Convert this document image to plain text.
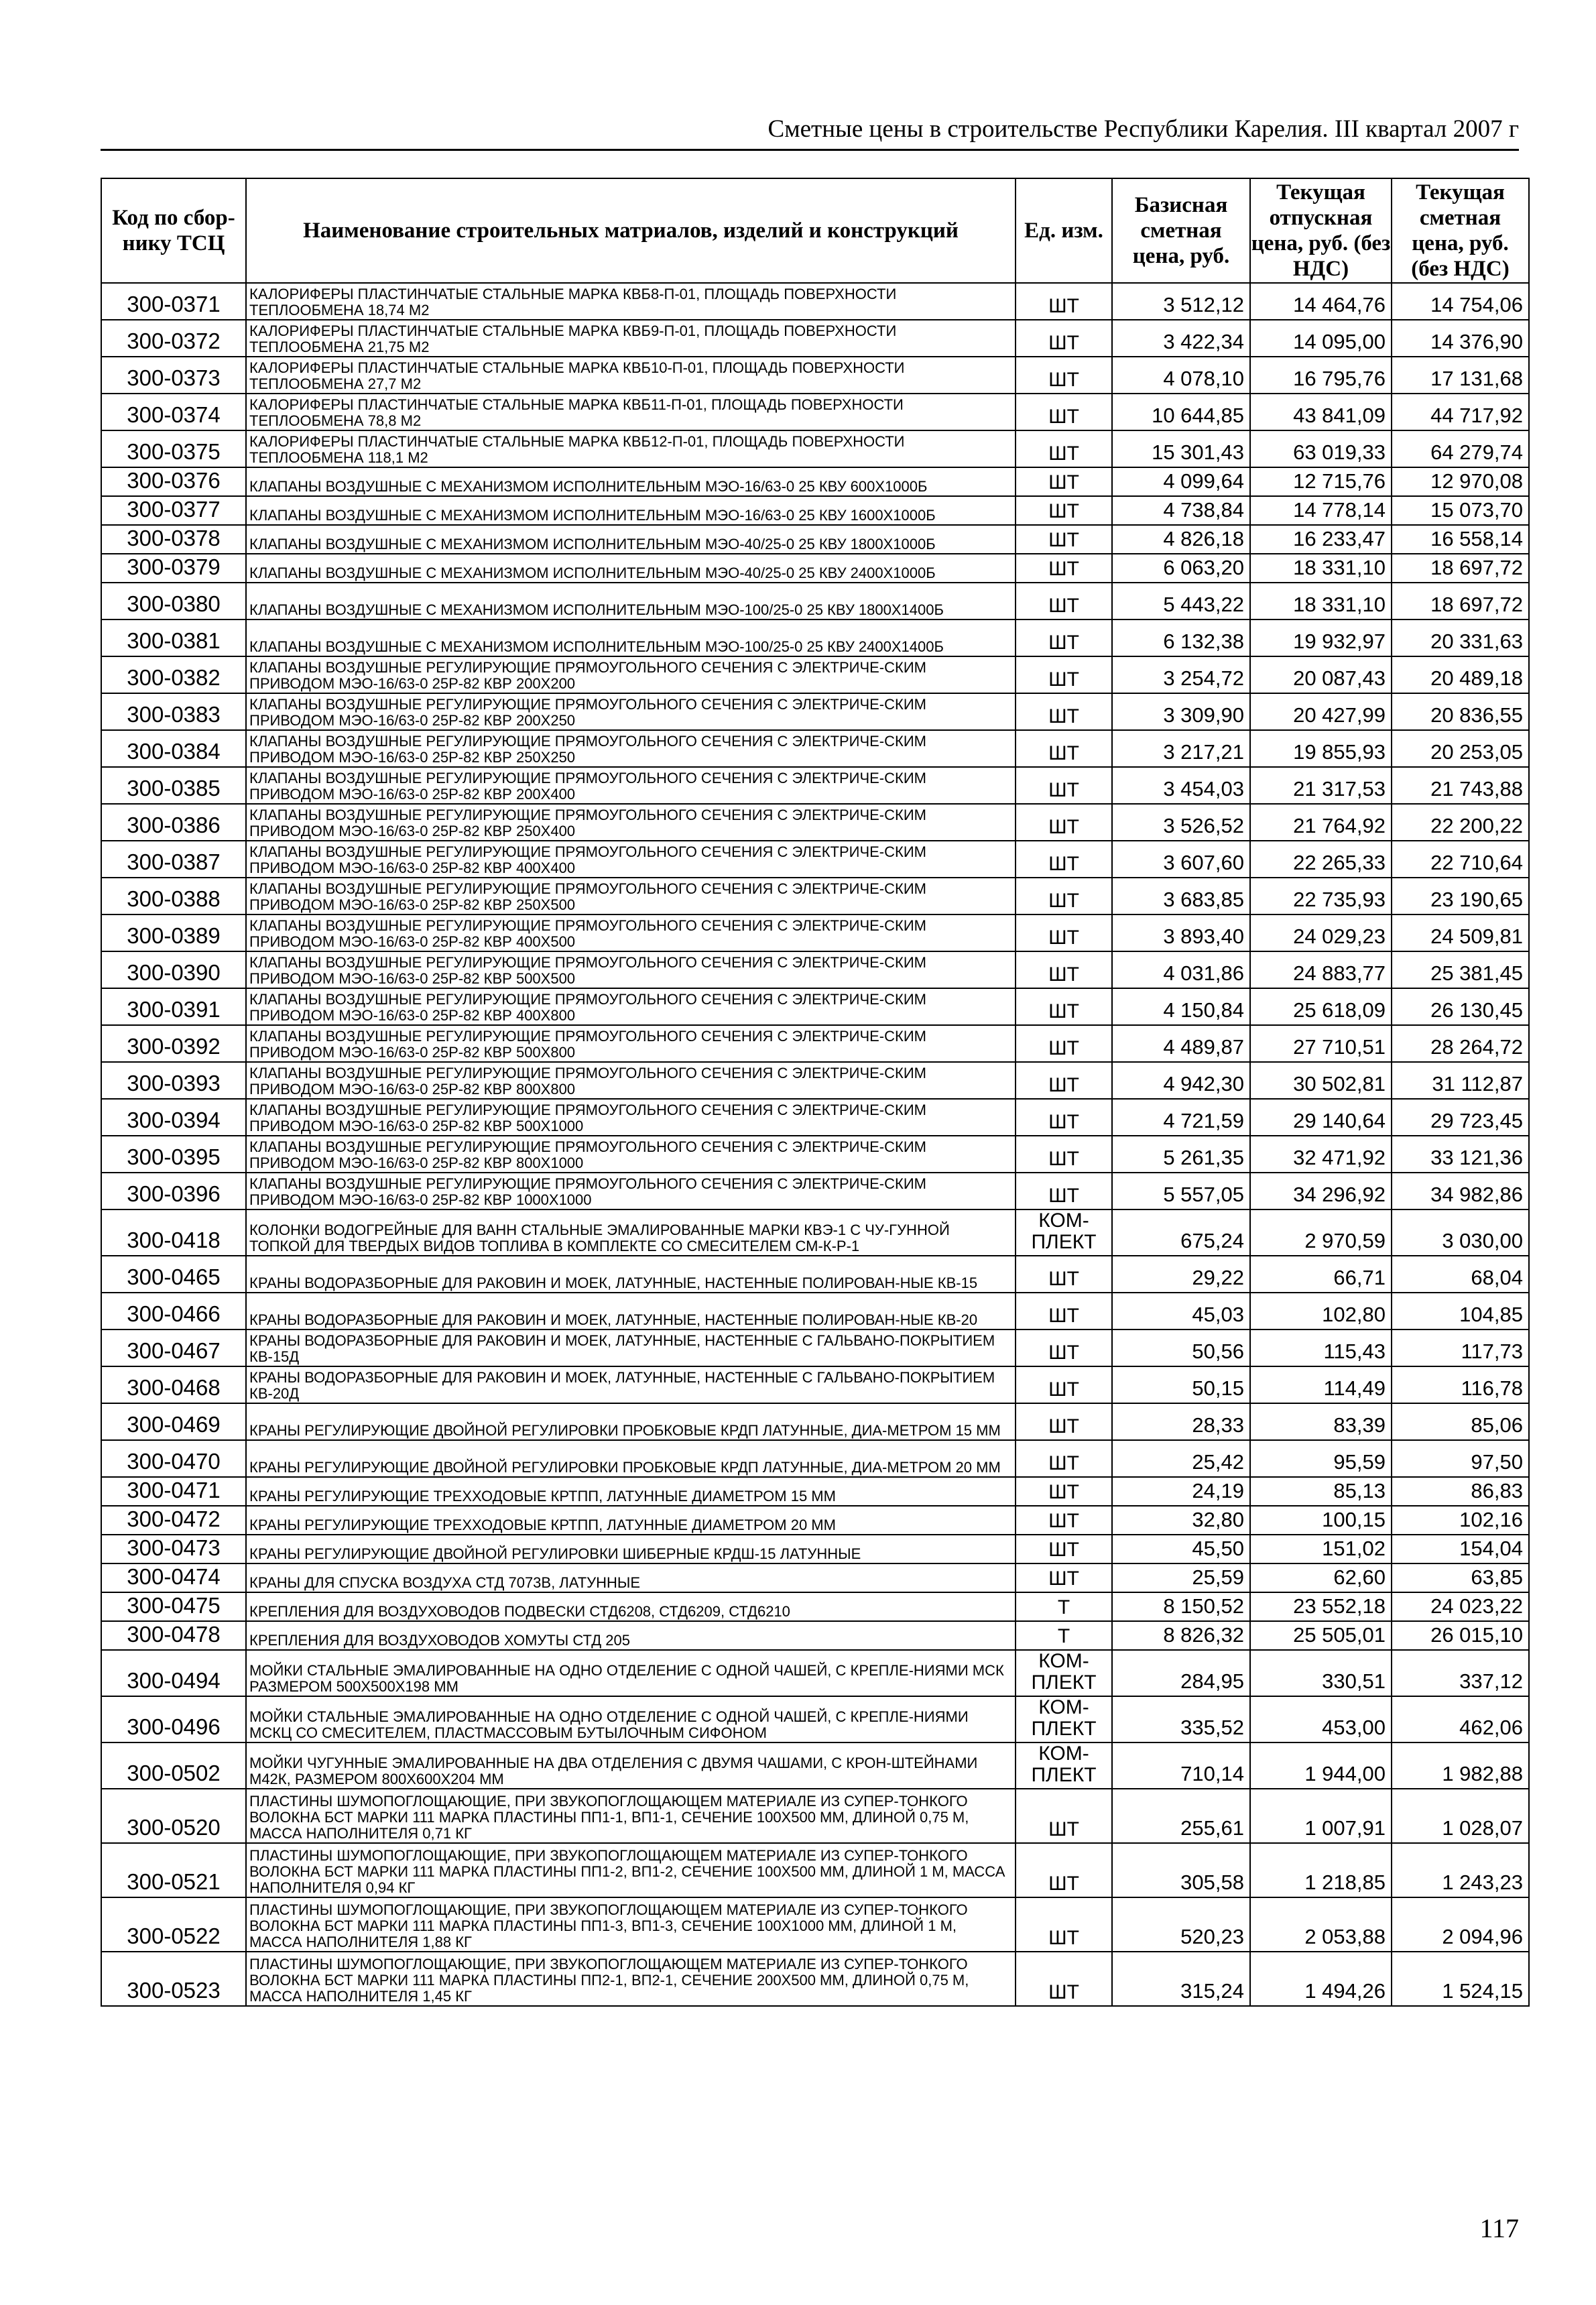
Сметные цены в строительстве Республики Карелия. III квартал 2007 г
Код по сбор-нику ТСЦ	Наименование строительных матриалов, изделий и конструкций	Ед. изм.	Базисная сметная цена, руб.	Текущая отпускная цена, руб. (без НДС)	Текущая сметная цена, руб. (без НДС)
300-0371	КАЛОРИФЕРЫ ПЛАСТИНЧАТЫЕ СТАЛЬНЫЕ МАРКА КВБ8-П-01, ПЛОЩАДЬ ПОВЕРХНОСТИ ТЕПЛООБМЕНА 18,74 М2	ШТ	3 512,12	14 464,76	14 754,06
300-0372	КАЛОРИФЕРЫ ПЛАСТИНЧАТЫЕ СТАЛЬНЫЕ МАРКА КВБ9-П-01, ПЛОЩАДЬ ПОВЕРХНОСТИ ТЕПЛООБМЕНА 21,75 М2	ШТ	3 422,34	14 095,00	14 376,90
300-0373	КАЛОРИФЕРЫ ПЛАСТИНЧАТЫЕ СТАЛЬНЫЕ МАРКА КВБ10-П-01, ПЛОЩАДЬ ПОВЕРХНОСТИ ТЕПЛООБМЕНА 27,7 М2	ШТ	4 078,10	16 795,76	17 131,68
300-0374	КАЛОРИФЕРЫ ПЛАСТИНЧАТЫЕ СТАЛЬНЫЕ МАРКА КВБ11-П-01, ПЛОЩАДЬ ПОВЕРХНОСТИ ТЕПЛООБМЕНА 78,8 М2	ШТ	10 644,85	43 841,09	44 717,92
300-0375	КАЛОРИФЕРЫ ПЛАСТИНЧАТЫЕ СТАЛЬНЫЕ МАРКА КВБ12-П-01, ПЛОЩАДЬ ПОВЕРХНОСТИ ТЕПЛООБМЕНА 118,1 М2	ШТ	15 301,43	63 019,33	64 279,74
300-0376	КЛАПАНЫ ВОЗДУШНЫЕ С МЕХАНИЗМОМ ИСПОЛНИТЕЛЬНЫМ МЭО-16/63-0 25 КВУ 600Х1000Б	ШТ	4 099,64	12 715,76	12 970,08
300-0377	КЛАПАНЫ ВОЗДУШНЫЕ С МЕХАНИЗМОМ ИСПОЛНИТЕЛЬНЫМ МЭО-16/63-0 25 КВУ 1600Х1000Б	ШТ	4 738,84	14 778,14	15 073,70
300-0378	КЛАПАНЫ ВОЗДУШНЫЕ С МЕХАНИЗМОМ ИСПОЛНИТЕЛЬНЫМ МЭО-40/25-0 25 КВУ 1800Х1000Б	ШТ	4 826,18	16 233,47	16 558,14
300-0379	КЛАПАНЫ ВОЗДУШНЫЕ С МЕХАНИЗМОМ ИСПОЛНИТЕЛЬНЫМ МЭО-40/25-0 25 КВУ 2400Х1000Б	ШТ	6 063,20	18 331,10	18 697,72
300-0380	КЛАПАНЫ ВОЗДУШНЫЕ С МЕХАНИЗМОМ ИСПОЛНИТЕЛЬНЫМ МЭО-100/25-0 25 КВУ 1800Х1400Б	ШТ	5 443,22	18 331,10	18 697,72
300-0381	КЛАПАНЫ ВОЗДУШНЫЕ С МЕХАНИЗМОМ ИСПОЛНИТЕЛЬНЫМ МЭО-100/25-0 25 КВУ 2400Х1400Б	ШТ	6 132,38	19 932,97	20 331,63
300-0382	КЛАПАНЫ ВОЗДУШНЫЕ РЕГУЛИРУЮЩИЕ ПРЯМОУГОЛЬНОГО СЕЧЕНИЯ С ЭЛЕКТРИЧЕ-СКИМ ПРИВОДОМ МЭО-16/63-0 25Р-82 КВР 200Х200	ШТ	3 254,72	20 087,43	20 489,18
300-0383	КЛАПАНЫ ВОЗДУШНЫЕ РЕГУЛИРУЮЩИЕ ПРЯМОУГОЛЬНОГО СЕЧЕНИЯ С ЭЛЕКТРИЧЕ-СКИМ ПРИВОДОМ МЭО-16/63-0 25Р-82 КВР 200Х250	ШТ	3 309,90	20 427,99	20 836,55
300-0384	КЛАПАНЫ ВОЗДУШНЫЕ РЕГУЛИРУЮЩИЕ ПРЯМОУГОЛЬНОГО СЕЧЕНИЯ С ЭЛЕКТРИЧЕ-СКИМ ПРИВОДОМ МЭО-16/63-0 25Р-82 КВР 250Х250	ШТ	3 217,21	19 855,93	20 253,05
300-0385	КЛАПАНЫ ВОЗДУШНЫЕ РЕГУЛИРУЮЩИЕ ПРЯМОУГОЛЬНОГО СЕЧЕНИЯ С ЭЛЕКТРИЧЕ-СКИМ ПРИВОДОМ МЭО-16/63-0 25Р-82 КВР 200Х400	ШТ	3 454,03	21 317,53	21 743,88
300-0386	КЛАПАНЫ ВОЗДУШНЫЕ РЕГУЛИРУЮЩИЕ ПРЯМОУГОЛЬНОГО СЕЧЕНИЯ С ЭЛЕКТРИЧЕ-СКИМ ПРИВОДОМ МЭО-16/63-0 25Р-82 КВР 250Х400	ШТ	3 526,52	21 764,92	22 200,22
300-0387	КЛАПАНЫ ВОЗДУШНЫЕ РЕГУЛИРУЮЩИЕ ПРЯМОУГОЛЬНОГО СЕЧЕНИЯ С ЭЛЕКТРИЧЕ-СКИМ ПРИВОДОМ МЭО-16/63-0 25Р-82 КВР 400Х400	ШТ	3 607,60	22 265,33	22 710,64
300-0388	КЛАПАНЫ ВОЗДУШНЫЕ РЕГУЛИРУЮЩИЕ ПРЯМОУГОЛЬНОГО СЕЧЕНИЯ С ЭЛЕКТРИЧЕ-СКИМ ПРИВОДОМ МЭО-16/63-0 25Р-82 КВР 250Х500	ШТ	3 683,85	22 735,93	23 190,65
300-0389	КЛАПАНЫ ВОЗДУШНЫЕ РЕГУЛИРУЮЩИЕ ПРЯМОУГОЛЬНОГО СЕЧЕНИЯ С ЭЛЕКТРИЧЕ-СКИМ ПРИВОДОМ МЭО-16/63-0 25Р-82 КВР 400Х500	ШТ	3 893,40	24 029,23	24 509,81
300-0390	КЛАПАНЫ ВОЗДУШНЫЕ РЕГУЛИРУЮЩИЕ ПРЯМОУГОЛЬНОГО СЕЧЕНИЯ С ЭЛЕКТРИЧЕ-СКИМ ПРИВОДОМ МЭО-16/63-0 25Р-82 КВР 500Х500	ШТ	4 031,86	24 883,77	25 381,45
300-0391	КЛАПАНЫ ВОЗДУШНЫЕ РЕГУЛИРУЮЩИЕ ПРЯМОУГОЛЬНОГО СЕЧЕНИЯ С ЭЛЕКТРИЧЕ-СКИМ ПРИВОДОМ МЭО-16/63-0 25Р-82 КВР 400Х800	ШТ	4 150,84	25 618,09	26 130,45
300-0392	КЛАПАНЫ ВОЗДУШНЫЕ РЕГУЛИРУЮЩИЕ ПРЯМОУГОЛЬНОГО СЕЧЕНИЯ С ЭЛЕКТРИЧЕ-СКИМ ПРИВОДОМ МЭО-16/63-0 25Р-82 КВР 500Х800	ШТ	4 489,87	27 710,51	28 264,72
300-0393	КЛАПАНЫ ВОЗДУШНЫЕ РЕГУЛИРУЮЩИЕ ПРЯМОУГОЛЬНОГО СЕЧЕНИЯ С ЭЛЕКТРИЧЕ-СКИМ ПРИВОДОМ МЭО-16/63-0 25Р-82 КВР 800Х800	ШТ	4 942,30	30 502,81	31 112,87
300-0394	КЛАПАНЫ ВОЗДУШНЫЕ РЕГУЛИРУЮЩИЕ ПРЯМОУГОЛЬНОГО СЕЧЕНИЯ С ЭЛЕКТРИЧЕ-СКИМ ПРИВОДОМ МЭО-16/63-0 25Р-82 КВР 500Х1000	ШТ	4 721,59	29 140,64	29 723,45
300-0395	КЛАПАНЫ ВОЗДУШНЫЕ РЕГУЛИРУЮЩИЕ ПРЯМОУГОЛЬНОГО СЕЧЕНИЯ С ЭЛЕКТРИЧЕ-СКИМ ПРИВОДОМ МЭО-16/63-0 25Р-82 КВР 800Х1000	ШТ	5 261,35	32 471,92	33 121,36
300-0396	КЛАПАНЫ ВОЗДУШНЫЕ РЕГУЛИРУЮЩИЕ ПРЯМОУГОЛЬНОГО СЕЧЕНИЯ С ЭЛЕКТРИЧЕ-СКИМ ПРИВОДОМ МЭО-16/63-0 25Р-82 КВР 1000Х1000	ШТ	5 557,05	34 296,92	34 982,86
300-0418	КОЛОНКИ ВОДОГРЕЙНЫЕ ДЛЯ ВАНН СТАЛЬНЫЕ ЭМАЛИРОВАННЫЕ МАРКИ КВЭ-1 С ЧУ-ГУННОЙ ТОПКОЙ ДЛЯ ТВЕРДЫХ ВИДОВ ТОПЛИВА В КОМПЛЕКТЕ СО СМЕСИТЕЛЕМ СМ-К-Р-1	КОМ-ПЛЕКТ	675,24	2 970,59	3 030,00
300-0465	КРАНЫ ВОДОРАЗБОРНЫЕ ДЛЯ РАКОВИН И МОЕК, ЛАТУННЫЕ, НАСТЕННЫЕ ПОЛИРОВАН-НЫЕ КВ-15	ШТ	29,22	66,71	68,04
300-0466	КРАНЫ ВОДОРАЗБОРНЫЕ ДЛЯ РАКОВИН И МОЕК, ЛАТУННЫЕ, НАСТЕННЫЕ ПОЛИРОВАН-НЫЕ КВ-20	ШТ	45,03	102,80	104,85
300-0467	КРАНЫ ВОДОРАЗБОРНЫЕ ДЛЯ РАКОВИН И МОЕК, ЛАТУННЫЕ, НАСТЕННЫЕ С ГАЛЬВАНО-ПОКРЫТИЕМ КВ-15Д	ШТ	50,56	115,43	117,73
300-0468	КРАНЫ ВОДОРАЗБОРНЫЕ ДЛЯ РАКОВИН И МОЕК, ЛАТУННЫЕ, НАСТЕННЫЕ С ГАЛЬВАНО-ПОКРЫТИЕМ КВ-20Д	ШТ	50,15	114,49	116,78
300-0469	КРАНЫ РЕГУЛИРУЮЩИЕ ДВОЙНОЙ РЕГУЛИРОВКИ ПРОБКОВЫЕ КРДП ЛАТУННЫЕ, ДИА-МЕТРОМ 15 ММ	ШТ	28,33	83,39	85,06
300-0470	КРАНЫ РЕГУЛИРУЮЩИЕ ДВОЙНОЙ РЕГУЛИРОВКИ ПРОБКОВЫЕ КРДП ЛАТУННЫЕ, ДИА-МЕТРОМ 20 ММ	ШТ	25,42	95,59	97,50
300-0471	КРАНЫ РЕГУЛИРУЮЩИЕ ТРЕХХОДОВЫЕ КРТПП, ЛАТУННЫЕ ДИАМЕТРОМ 15 ММ	ШТ	24,19	85,13	86,83
300-0472	КРАНЫ РЕГУЛИРУЮЩИЕ ТРЕХХОДОВЫЕ КРТПП, ЛАТУННЫЕ ДИАМЕТРОМ 20 ММ	ШТ	32,80	100,15	102,16
300-0473	КРАНЫ РЕГУЛИРУЮЩИЕ ДВОЙНОЙ РЕГУЛИРОВКИ ШИБЕРНЫЕ КРДШ-15 ЛАТУННЫЕ	ШТ	45,50	151,02	154,04
300-0474	КРАНЫ ДЛЯ СПУСКА ВОЗДУХА СТД 7073В, ЛАТУННЫЕ	ШТ	25,59	62,60	63,85
300-0475	КРЕПЛЕНИЯ ДЛЯ ВОЗДУХОВОДОВ ПОДВЕСКИ СТД6208, СТД6209, СТД6210	Т	8 150,52	23 552,18	24 023,22
300-0478	КРЕПЛЕНИЯ ДЛЯ ВОЗДУХОВОДОВ ХОМУТЫ СТД 205	Т	8 826,32	25 505,01	26 015,10
300-0494	МОЙКИ СТАЛЬНЫЕ ЭМАЛИРОВАННЫЕ НА ОДНО ОТДЕЛЕНИЕ С ОДНОЙ ЧАШЕЙ, С КРЕПЛЕ-НИЯМИ МСК РАЗМЕРОМ 500Х500Х198 ММ	КОМ-ПЛЕКТ	284,95	330,51	337,12
300-0496	МОЙКИ СТАЛЬНЫЕ ЭМАЛИРОВАННЫЕ НА ОДНО ОТДЕЛЕНИЕ С ОДНОЙ ЧАШЕЙ, С КРЕПЛЕ-НИЯМИ МСКЦ СО СМЕСИТЕЛЕМ, ПЛАСТМАССОВЫМ БУТЫЛОЧНЫМ СИФОНОМ	КОМ-ПЛЕКТ	335,52	453,00	462,06
300-0502	МОЙКИ ЧУГУННЫЕ ЭМАЛИРОВАННЫЕ НА ДВА ОТДЕЛЕНИЯ С ДВУМЯ ЧАШАМИ, С КРОН-ШТЕЙНАМИ М42К, РАЗМЕРОМ 800Х600Х204 ММ	КОМ-ПЛЕКТ	710,14	1 944,00	1 982,88
300-0520	ПЛАСТИНЫ ШУМОПОГЛОЩАЮЩИЕ, ПРИ ЗВУКОПОГЛОЩАЮЩЕМ МАТЕРИАЛЕ ИЗ СУПЕР-ТОНКОГО ВОЛОКНА БСТ МАРКИ 111 МАРКА ПЛАСТИНЫ ПП1-1, ВП1-1, СЕЧЕНИЕ 100Х500 ММ, ДЛИНОЙ 0,75 М, МАССА НАПОЛНИТЕЛЯ 0,71 КГ	ШТ	255,61	1 007,91	1 028,07
300-0521	ПЛАСТИНЫ ШУМОПОГЛОЩАЮЩИЕ, ПРИ ЗВУКОПОГЛОЩАЮЩЕМ МАТЕРИАЛЕ ИЗ СУПЕР-ТОНКОГО ВОЛОКНА БСТ МАРКИ 111 МАРКА ПЛАСТИНЫ ПП1-2, ВП1-2, СЕЧЕНИЕ 100Х500 ММ, ДЛИНОЙ 1 М, МАССА НАПОЛНИТЕЛЯ 0,94 КГ	ШТ	305,58	1 218,85	1 243,23
300-0522	ПЛАСТИНЫ ШУМОПОГЛОЩАЮЩИЕ, ПРИ ЗВУКОПОГЛОЩАЮЩЕМ МАТЕРИАЛЕ ИЗ СУПЕР-ТОНКОГО ВОЛОКНА БСТ МАРКИ 111 МАРКА ПЛАСТИНЫ ПП1-3, ВП1-3, СЕЧЕНИЕ 100Х1000 ММ, ДЛИНОЙ 1 М, МАССА НАПОЛНИТЕЛЯ 1,88 КГ	ШТ	520,23	2 053,88	2 094,96
300-0523	ПЛАСТИНЫ ШУМОПОГЛОЩАЮЩИЕ, ПРИ ЗВУКОПОГЛОЩАЮЩЕМ МАТЕРИАЛЕ ИЗ СУПЕР-ТОНКОГО ВОЛОКНА БСТ МАРКИ 111 МАРКА ПЛАСТИНЫ ПП2-1, ВП2-1, СЕЧЕНИЕ 200Х500 ММ, ДЛИНОЙ 0,75 М, МАССА НАПОЛНИТЕЛЯ 1,45 КГ	ШТ	315,24	1 494,26	1 524,15
117
